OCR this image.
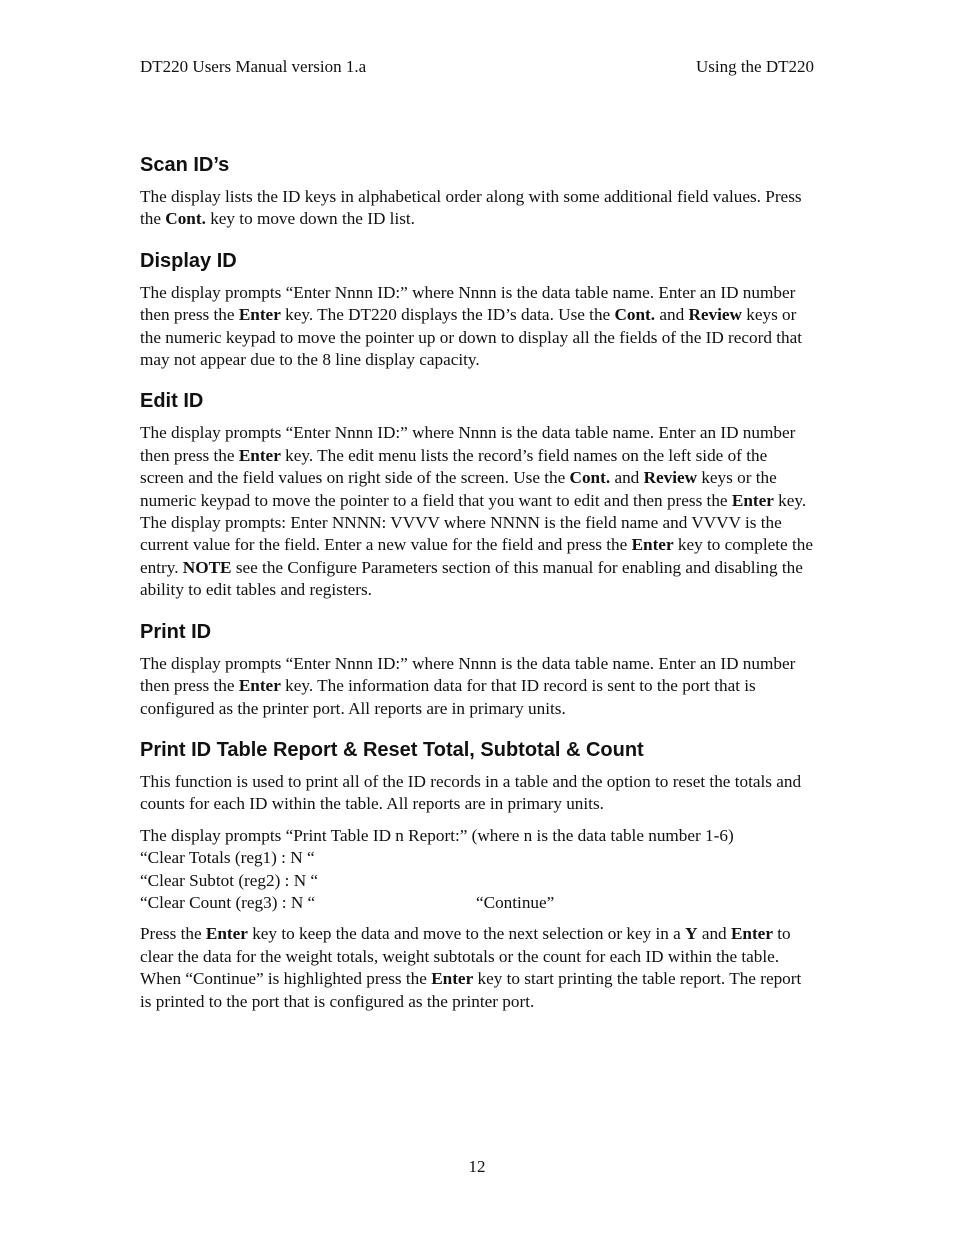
DT220 Users Manual version 1.a	Using the DT220
Scan ID’s

The display lists the ID keys in alphabetical order along with some additional field values. Press the Cont. key to move down the ID list.

Display ID

The display prompts “Enter Nnnn ID:” where Nnnn is the data table name. Enter an ID number then press the Enter key. The DT220 displays the ID’s data. Use the Cont. and Review keys or the numeric keypad to move the pointer up or down to display all the fields of the ID record that may not appear due to the 8 line display capacity.

Edit ID

The display prompts “Enter Nnnn ID:” where Nnnn is the data table name. Enter an ID number then press the Enter key. The edit menu lists the record’s field names on the left side of the screen and the field values on right side of the screen. Use the Cont. and Review keys or the numeric keypad to move the pointer to a field that you want to edit and then press the Enter key. The display prompts: Enter NNNN: VVVV where NNNN is the field name and VVVV is the current value for the field. Enter a new value for the field and press the Enter key to complete the entry. NOTE see the Configure Parameters section of this manual for enabling and disabling the ability to edit tables and registers.

Print ID

The display prompts “Enter Nnnn ID:” where Nnnn is the data table name. Enter an ID number then press the Enter key. The information data for that ID record is sent to the port that is configured as the printer port. All reports are in primary units.

Print ID Table Report & Reset Total, Subtotal & Count

This function is used to print all of the ID records in a table and the option to reset the totals and counts for each ID within the table. All reports are in primary units.

The display prompts “Print Table ID n Report:” (where n is the data table number 1-6)
“Clear Totals (reg1) : N “
“Clear Subtot (reg2) : N “
“Clear Count (reg3) : N “	“Continue”

Press the Enter key to keep the data and move to the next selection or key in a Y and Enter to clear the data for the weight totals, weight subtotals or the count for each ID within the table. When “Continue” is highlighted press the Enter key to start printing the table report. The report is printed to the port that is configured as the printer port.

12
